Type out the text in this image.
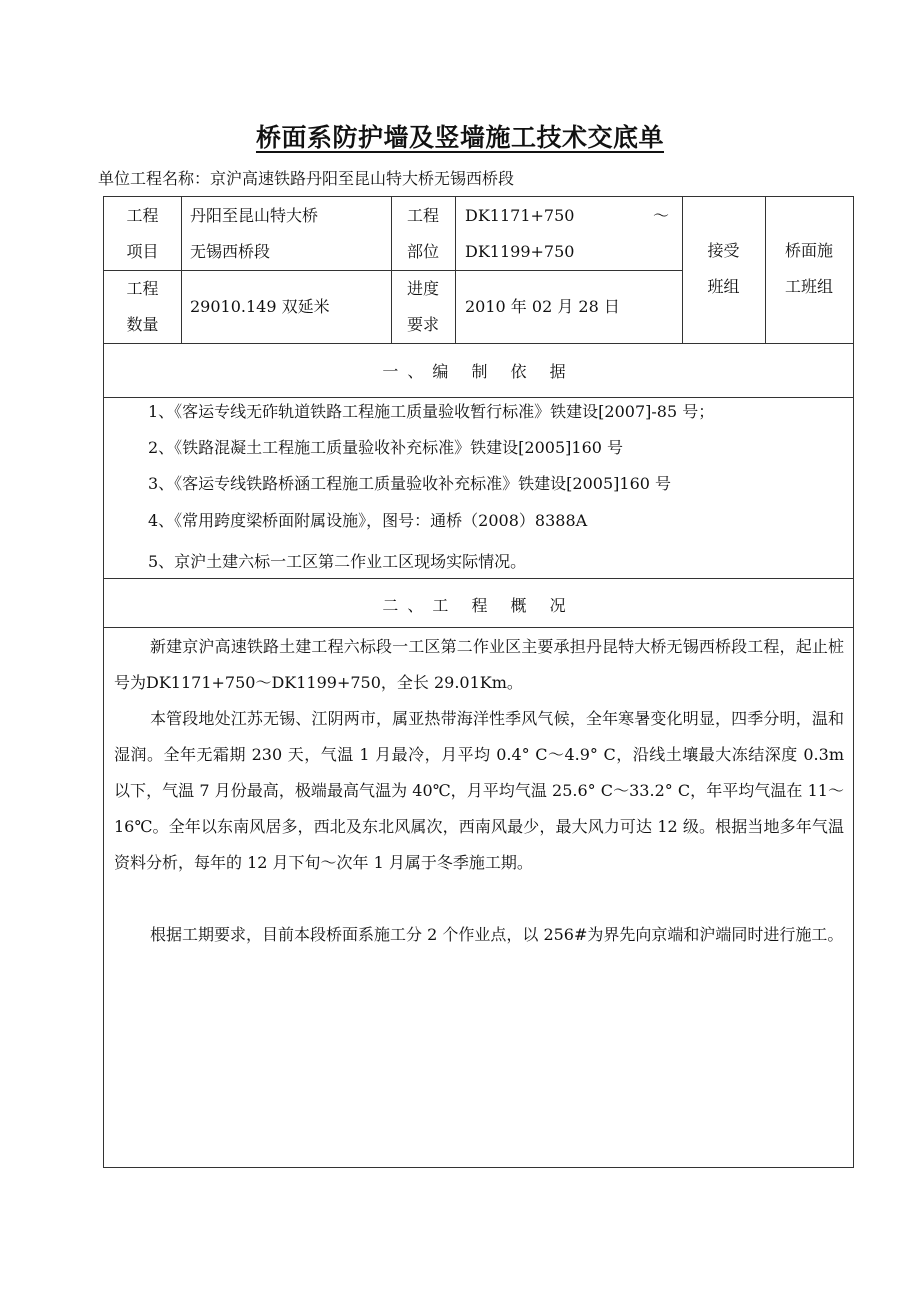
桥面系防护墙及竖墙施工技术交底单
单位工程名称：京沪高速铁路丹阳至昆山特大桥无锡西桥段
工程
项目
丹阳至昆山特大桥
无锡西桥段
工程
部位
DK1171+750	～
DK1199+750	接受
班组
桥面施
工班组
工程
数量
29010.149 双延米
进度
要求
2010 年 02 月 28 日
一、编 制 依 据
1、《客运专线无砟轨道铁路工程施工质量验收暂行标准》铁建设[2007]-85 号；
2、《铁路混凝土工程施工质量验收补充标准》铁建设[2005]160 号
3、《客运专线铁路桥涵工程施工质量验收补充标准》铁建设[2005]160 号
4、《常用跨度梁桥面附属设施》，图号：通桥（2008）8388A
5、京沪土建六标一工区第二作业工区现场实际情况。
二、工 程 概 况
新建京沪高速铁路土建工程六标段一工区第二作业区主要承担丹昆特大桥无锡西桥段工程，起止桩号为DK1171+750～DK1199+750，全长 29.01Km。
本管段地处江苏无锡、江阴两市，属亚热带海洋性季风气候，全年寒暑变化明显，四季分明，温和湿润。全年无霜期 230 天，气温 1 月最冷，月平均 0.4° C～4.9° C，沿线土壤最大冻结深度 0.3m 以下，气温 7 月份最高，极端最高气温为 40℃，月平均气温 25.6° C～33.2° C，年平均气温在 11～16℃。全年以东南风居多，西北及东北风属次，西南风最少，最大风力可达 12 级。根据当地多年气温资料分析，每年的 12 月下旬～次年 1 月属于冬季施工期。
根据工期要求，目前本段桥面系施工分 2 个作业点，以 256#为界先向京端和沪端同时进行施工。
